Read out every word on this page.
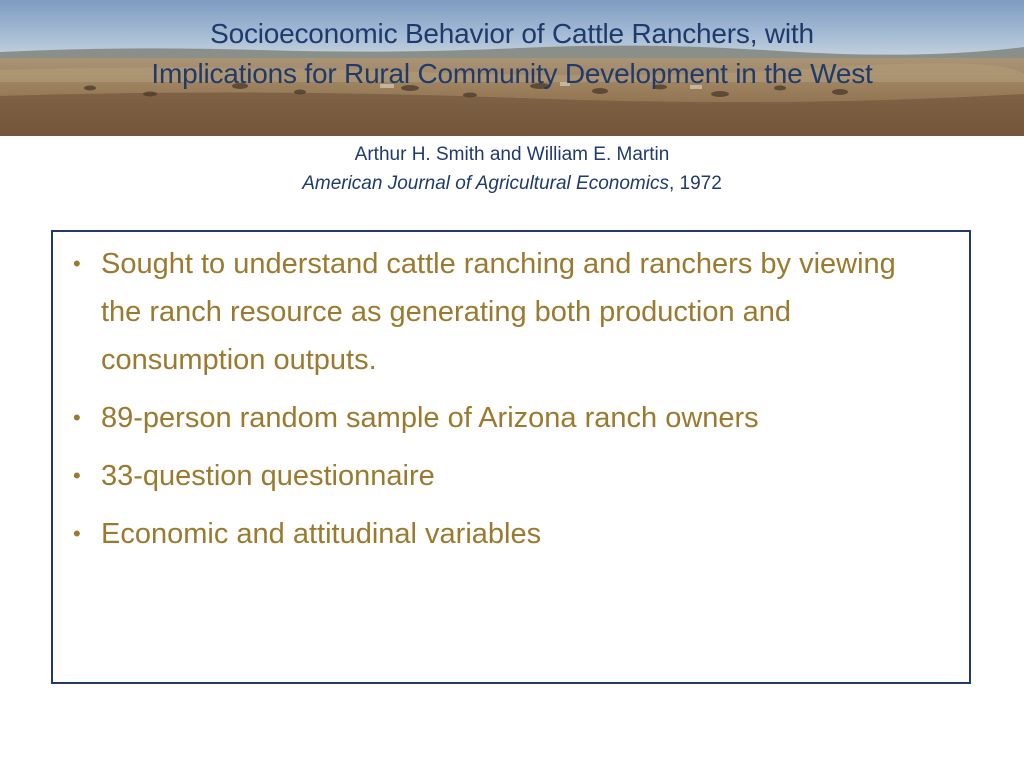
Socioeconomic Behavior of Cattle Ranchers, with
Implications for Rural Community Development in the West
Arthur H. Smith and William E. Martin
American Journal of Agricultural Economics, 1972
• Sought to understand cattle ranching and ranchers by viewing the ranch resource as generating both production and consumption outputs.
• 89-person random sample of Arizona ranch owners
• 33-question questionnaire
• Economic and attitudinal variables
